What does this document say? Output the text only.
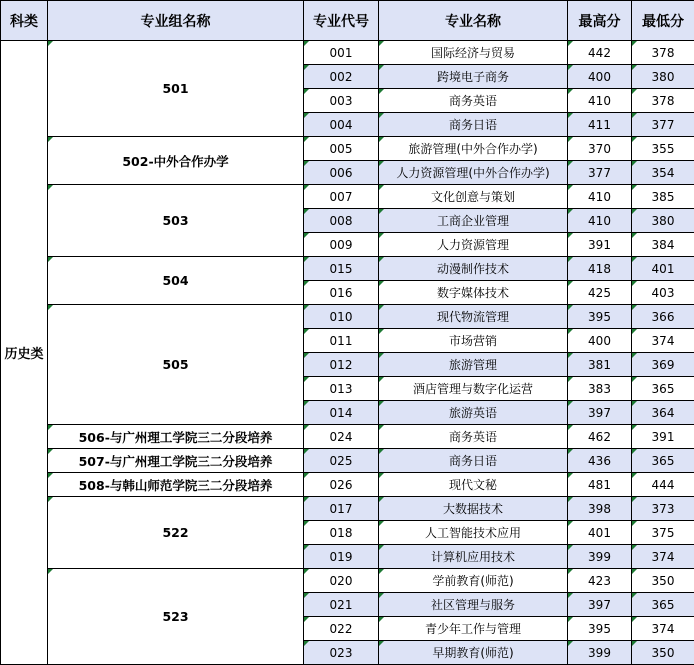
科类	专业组名称	专业代号	专业名称	最高分	最低分
历史类	501	001	国际经济与贸易	442	378
		002	跨境电子商务	400	380
		003	商务英语	410	378
		004	商务日语	411	377
	502-中外合作办学	005	旅游管理(中外合作办学)	370	355
		006	人力资源管理(中外合作办学)	377	354
	503	007	文化创意与策划	410	385
		008	工商企业管理	410	380
		009	人力资源管理	391	384
	504	015	动漫制作技术	418	401
		016	数字媒体技术	425	403
	505	010	现代物流管理	395	366
		011	市场营销	400	374
		012	旅游管理	381	369
		013	酒店管理与数字化运营	383	365
		014	旅游英语	397	364
	506-与广州理工学院三二分段培养	024	商务英语	462	391
	507-与广州理工学院三二分段培养	025	商务日语	436	365
	508-与韩山师范学院三二分段培养	026	现代文秘	481	444
	522	017	大数据技术	398	373
		018	人工智能技术应用	401	375
		019	计算机应用技术	399	374
	523	020	学前教育(师范)	423	350
		021	社区管理与服务	397	365
		022	青少年工作与管理	395	374
		023	早期教育(师范)	399	350
